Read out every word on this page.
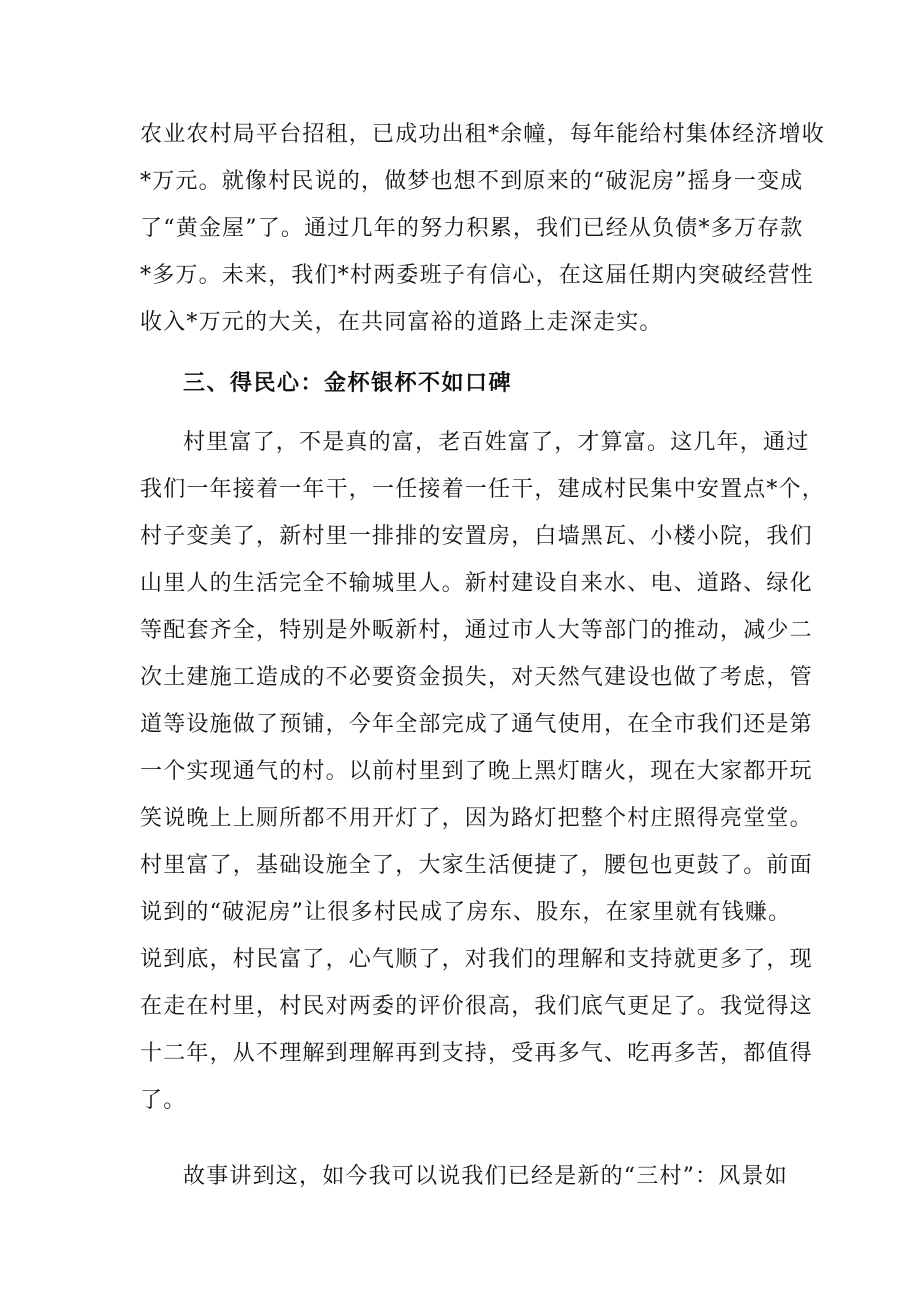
农业农村局平台招租，已成功出租*余幢，每年能给村集体经济增收
*万元。就像村民说的，做梦也想不到原来的“破泥房”摇身一变成
了“黄金屋”了。通过几年的努力积累，我们已经从负债*多万存款
*多万。未来，我们*村两委班子有信心，在这届任期内突破经营性
收入*万元的大关，在共同富裕的道路上走深走实。
三、得民心：金杯银杯不如口碑
村里富了，不是真的富，老百姓富了，才算富。这几年，通过
我们一年接着一年干，一任接着一任干，建成村民集中安置点*个，
村子变美了，新村里一排排的安置房，白墙黑瓦、小楼小院，我们
山里人的生活完全不输城里人。新村建设自来水、电、道路、绿化
等配套齐全，特别是外畈新村，通过市人大等部门的推动，减少二
次土建施工造成的不必要资金损失，对天然气建设也做了考虑，管
道等设施做了预铺，今年全部完成了通气使用，在全市我们还是第
一个实现通气的村。以前村里到了晚上黑灯瞎火，现在大家都开玩
笑说晚上上厕所都不用开灯了，因为路灯把整个村庄照得亮堂堂。
村里富了，基础设施全了，大家生活便捷了，腰包也更鼓了。前面
说到的“破泥房”让很多村民成了房东、股东，在家里就有钱赚。
说到底，村民富了，心气顺了，对我们的理解和支持就更多了，现
在走在村里，村民对两委的评价很高，我们底气更足了。我觉得这
十二年，从不理解到理解再到支持，受再多气、吃再多苦，都值得
了。
故事讲到这，如今我可以说我们已经是新的“三村”：风景如
